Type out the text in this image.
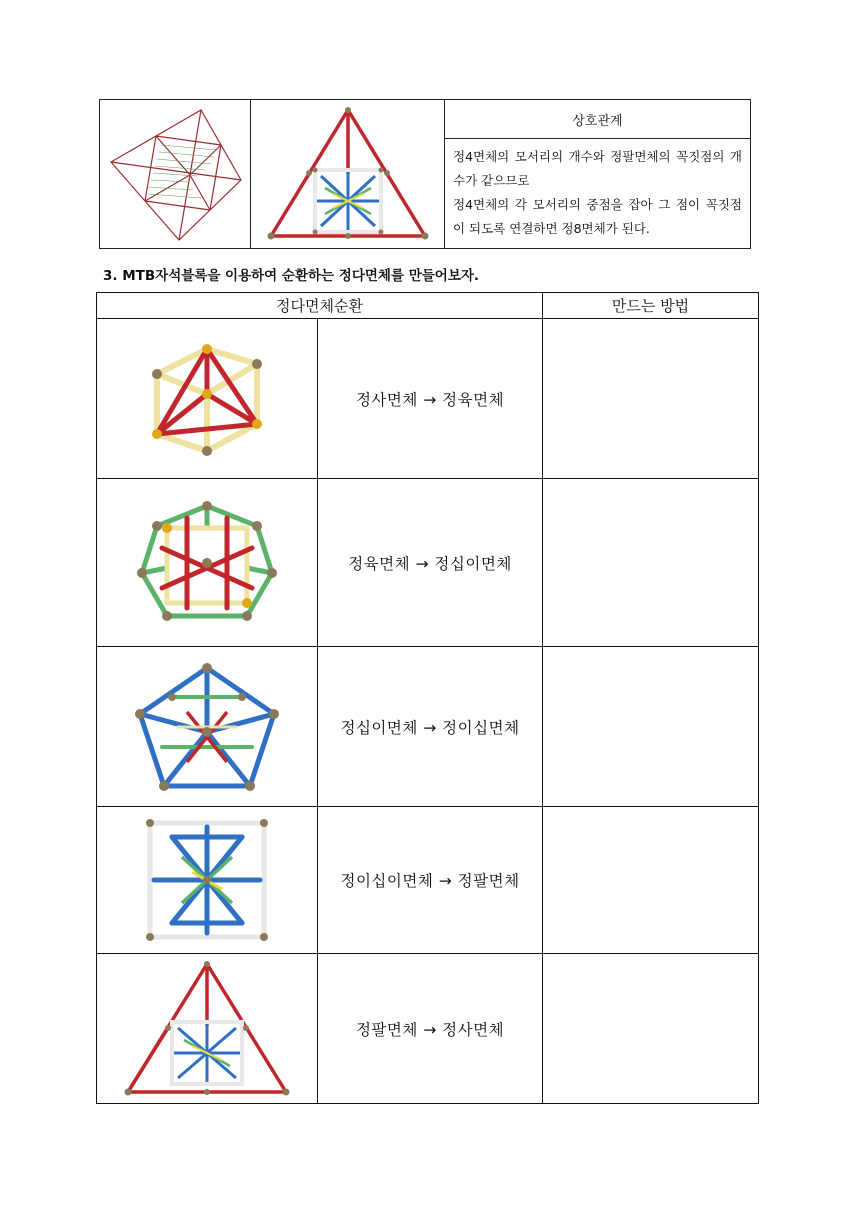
	상호관계

정4면체의 모서리의 개수와 정팔면체의 꼭짓점의 개수가 같으므로

정4면체의 각 모서리의 중점을 잡아 그 점이 꼭짓점이 되도록 연결하면 정8면체가 된다.

3. MTB자석블록을 이용하여 순환하는 정다면체를 만들어보자.
정다면체순환		만드는 방법

	정사면체 → 정육면체	

	정육면체 → 정십이면체	

	정십이면체 → 정이십면체	

	정이십이면체 → 정팔면체	

	정팔면체 → 정사면체	
